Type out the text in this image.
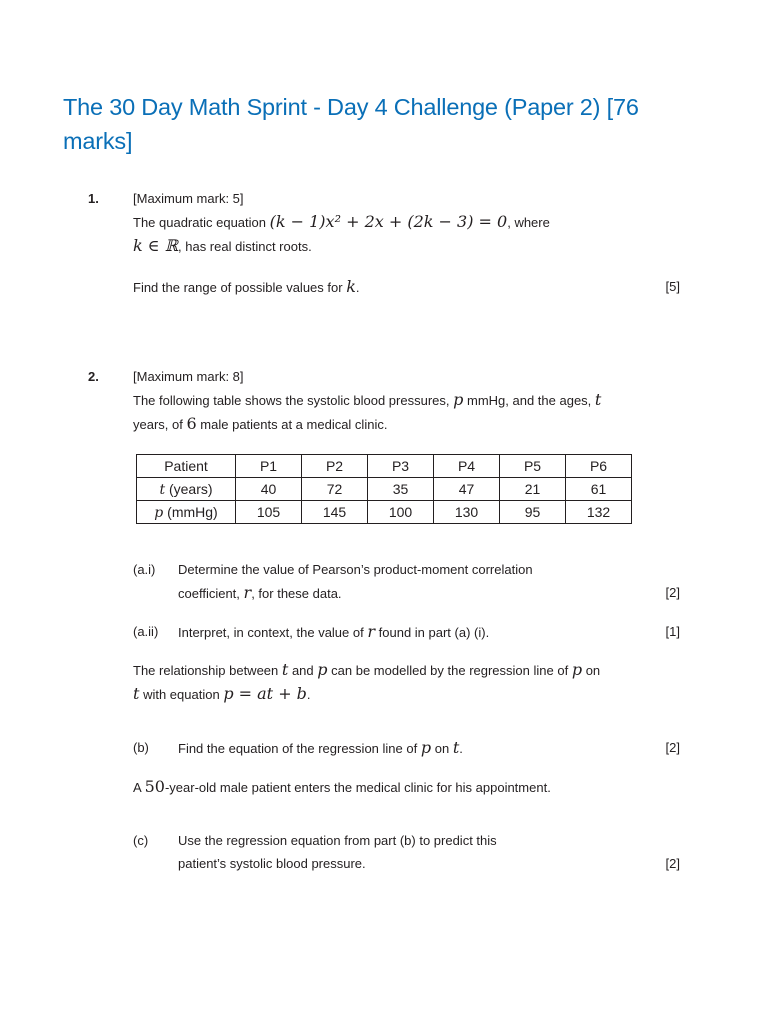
The 30 Day Math Sprint - Day 4 Challenge (Paper 2) [76 marks]
1.	[Maximum mark: 5]
The quadratic equation (k − 1)x² + 2x + (2k − 3) = 0, where
k ∈ ℝ, has real distinct roots.
Find the range of possible values for k.	[5]
2.	[Maximum mark: 8]
The following table shows the systolic blood pressures, p mmHg, and the ages, t
years, of 6 male patients at a medical clinic.
Patient	P1	P2	P3	P4	P5	P6
t (years)	40	72	35	47	21	61
p (mmHg)	105	145	100	130	95	132
(a.i) Determine the value of Pearson’s product-moment correlation
coefficient, r, for these data.	[2]
(a.ii) Interpret, in context, the value of r found in part (a) (i).	[1]
The relationship between t and p can be modelled by the regression line of p on
t with equation p = at + b.
(b) Find the equation of the regression line of p on t.	[2]
A 50-year-old male patient enters the medical clinic for his appointment.
(c) Use the regression equation from part (b) to predict this
patient’s systolic blood pressure.	[2]
